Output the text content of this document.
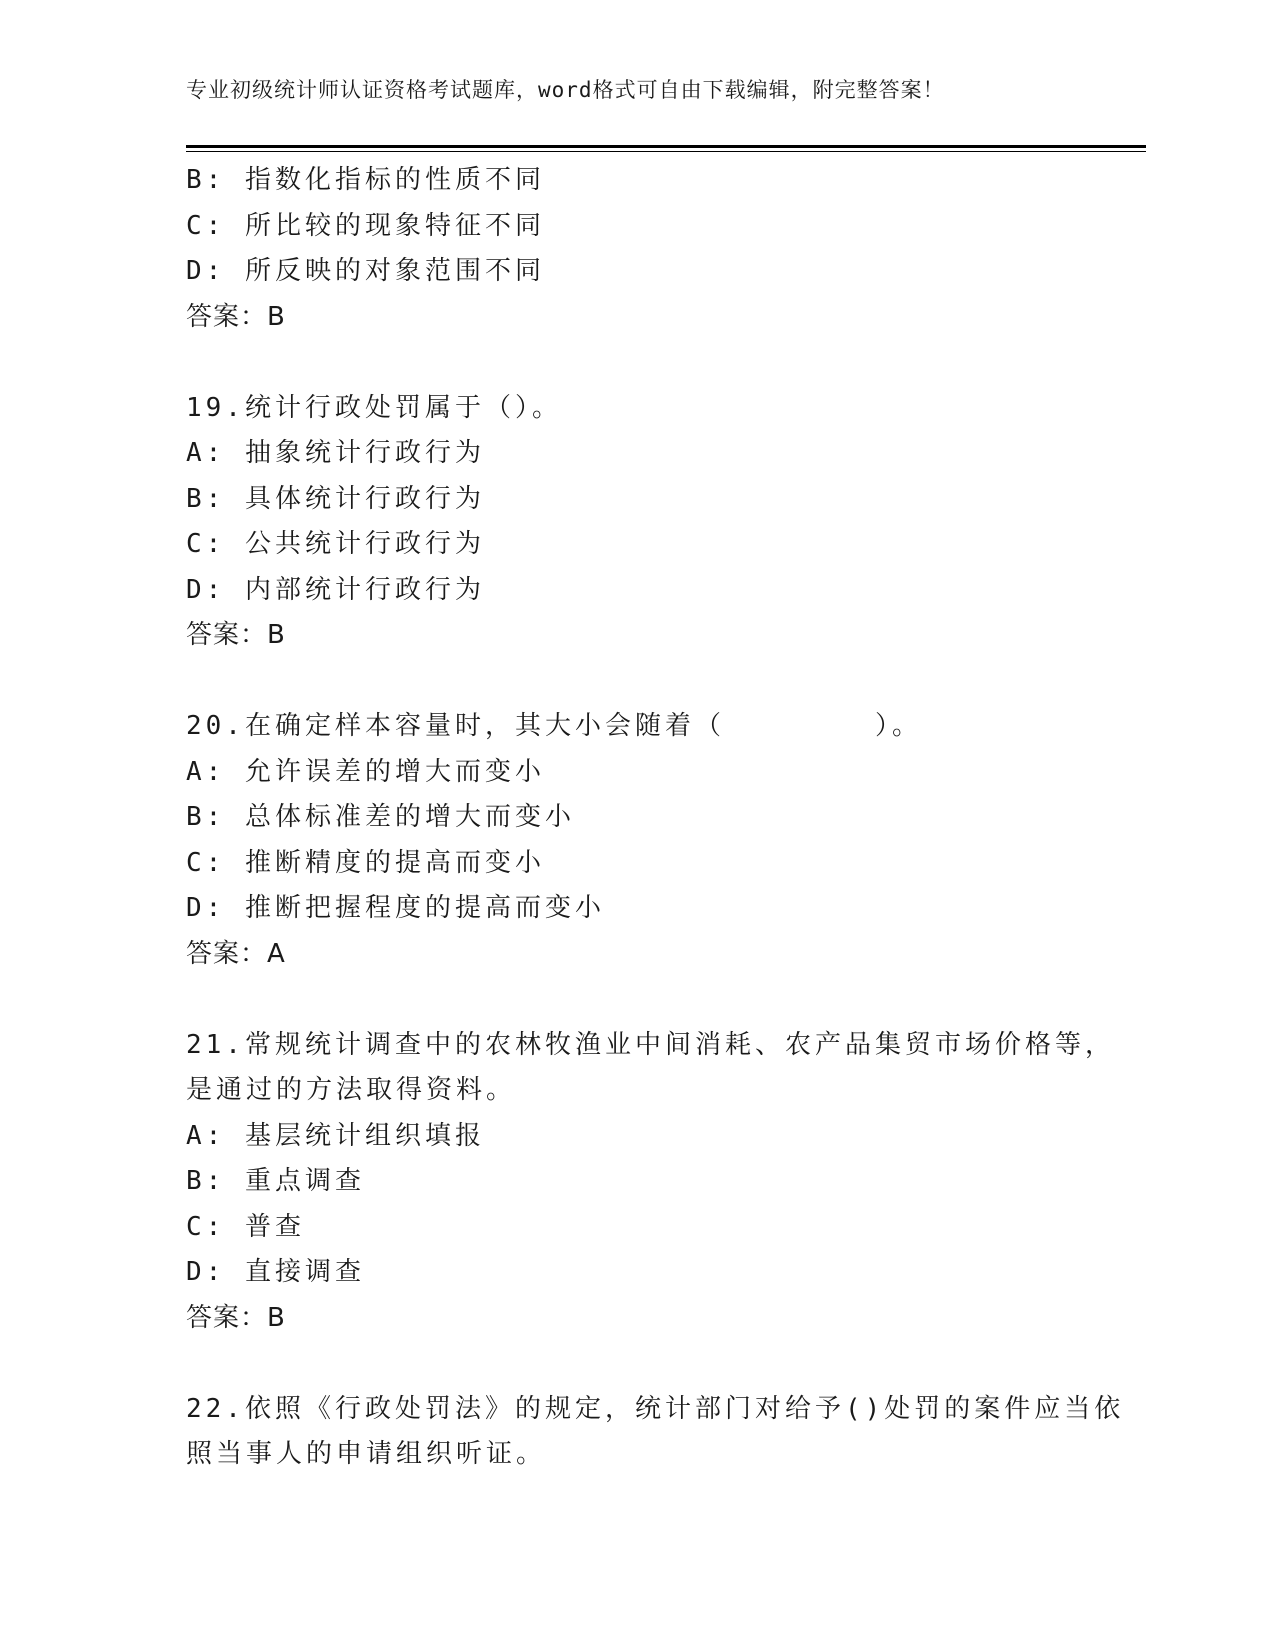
专业初级统计师认证资格考试题库，word格式可自由下载编辑，附完整答案！
B: 指数化指标的性质不同
C: 所比较的现象特征不同
D: 所反映的对象范围不同
答案：B
19.统计行政处罚属于（）。
A: 抽象统计行政行为
B: 具体统计行政行为
C: 公共统计行政行为
D: 内部统计行政行为
答案：B
20.在确定样本容量时，其大小会随着（　　　　　）。
A: 允许误差的增大而变小
B: 总体标准差的增大而变小
C: 推断精度的提高而变小
D: 推断把握程度的提高而变小
答案：A
21.常规统计调查中的农林牧渔业中间消耗、农产品集贸市场价格等，
是通过的方法取得资料。
A: 基层统计组织填报
B: 重点调查
C: 普查
D: 直接调查
答案：B
22.依照《行政处罚法》的规定，统计部门对给予()处罚的案件应当依
照当事人的申请组织听证。
